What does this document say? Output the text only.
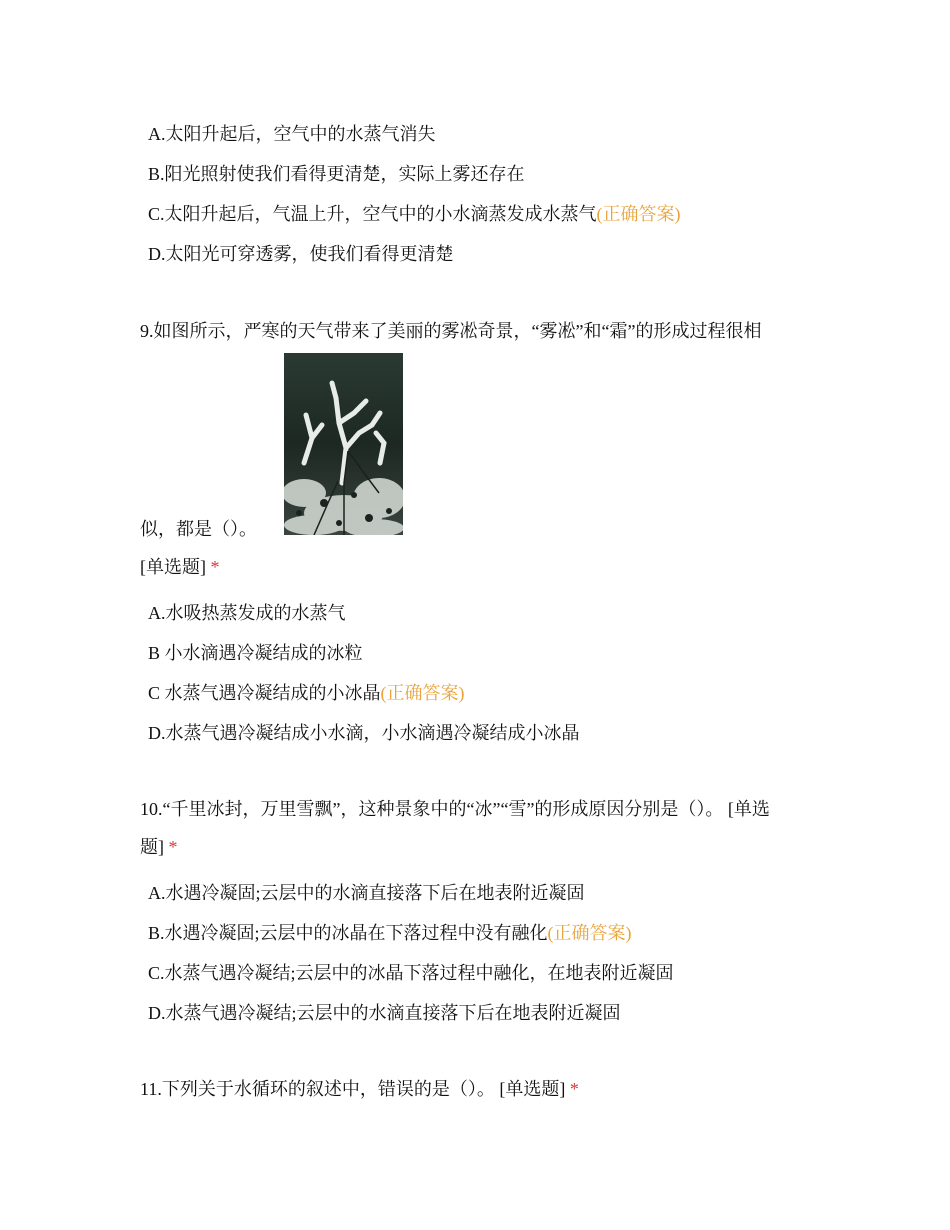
A.太阳升起后，空气中的水蒸气消失
B.阳光照射使我们看得更清楚，实际上雾还存在
C.太阳升起后，气温上升，空气中的小水滴蒸发成水蒸气(正确答案)
D.太阳光可穿透雾，使我们看得更清楚
9.如图所示，严寒的天气带来了美丽的雾凇奇景，“雾凇”和“霜”的形成过程很相
似，都是（）。
[单选题] *
A.水吸热蒸发成的水蒸气
B 小水滴遇冷凝结成的冰粒
C 水蒸气遇冷凝结成的小冰晶(正确答案)
D.水蒸气遇冷凝结成小水滴，小水滴遇冷凝结成小冰晶
10.“千里冰封，万里雪飘”，这种景象中的“冰”“雪”的形成原因分别是（）。 [单选
题] *
A.水遇冷凝固;云层中的水滴直接落下后在地表附近凝固
B.水遇冷凝固;云层中的冰晶在下落过程中没有融化(正确答案)
C.水蒸气遇冷凝结;云层中的冰晶下落过程中融化，在地表附近凝固
D.水蒸气遇冷凝结;云层中的水滴直接落下后在地表附近凝固
11.下列关于水循环的叙述中，错误的是（）。 [单选题] *
